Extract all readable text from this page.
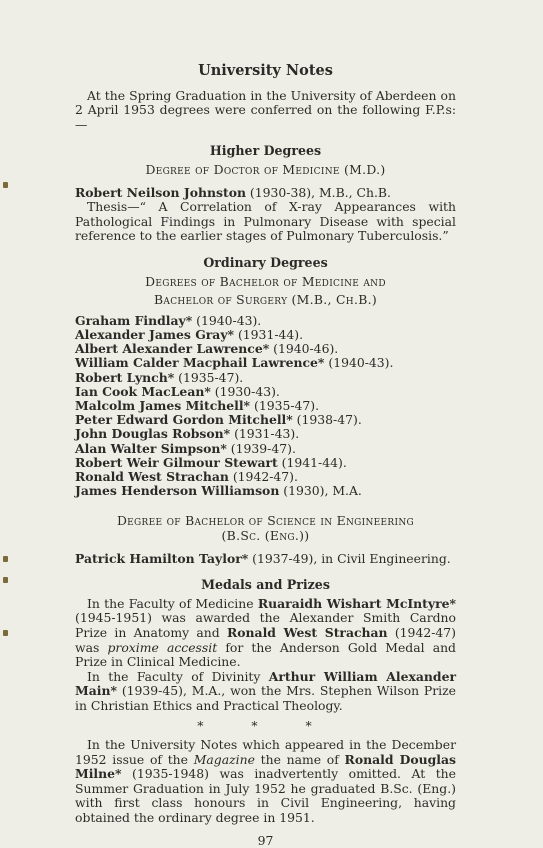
University Notes

At the Spring Graduation in the University of Aberdeen on 2 April 1953 degrees were conferred on the following F.P.s:—

Higher Degrees
Degree of Doctor of Medicine (M.D.)

Robert Neilson Johnston (1930-38), M.B., Ch.B.

Thesis—“ A Correlation of X-ray Appearances with Pathological Findings in Pulmonary Disease with special reference to the earlier stages of Pulmonary Tuberculosis.”

Ordinary Degrees
Degrees of Bachelor of Medicine and
Bachelor of Surgery (M.B., Ch.B.)
Graham Findlay* (1940-43).
Alexander James Gray* (1931-44).
Albert Alexander Lawrence* (1940-46).
William Calder Macphail Lawrence* (1940-43).
Robert Lynch* (1935-47).
Ian Cook MacLean* (1930-43).
Malcolm James Mitchell* (1935-47).
Peter Edward Gordon Mitchell* (1938-47).
John Douglas Robson* (1931-43).
Alan Walter Simpson* (1939-47).
Robert Weir Gilmour Stewart (1941-44).
Ronald West Strachan (1942-47).
James Henderson Williamson (1930), M.A.
Degree of Bachelor of Science in Engineering
(B.Sc. (Eng.))

Patrick Hamilton Taylor* (1937-49), in Civil Engineering.

Medals and Prizes

In the Faculty of Medicine Ruaraidh Wishart McIntyre* (1945-1951) was awarded the Alexander Smith Cardno Prize in Anatomy and Ronald West Strachan (1942-47) was proxime accessit for the Anderson Gold Medal and Prize in Clinical Medicine.

In the Faculty of Divinity Arthur William Alexander Main* (1939-45), M.A., won the Mrs. Stephen Wilson Prize in Christian Ethics and Practical Theology.

* * *

In the University Notes which appeared in the December 1952 issue of the Magazine the name of Ronald Douglas Milne* (1935-1948) was inadvertently omitted. At the Summer Graduation in July 1952 he graduated B.Sc. (Eng.) with first class honours in Civil Engineering, having obtained the ordinary degree in 1951.

97
